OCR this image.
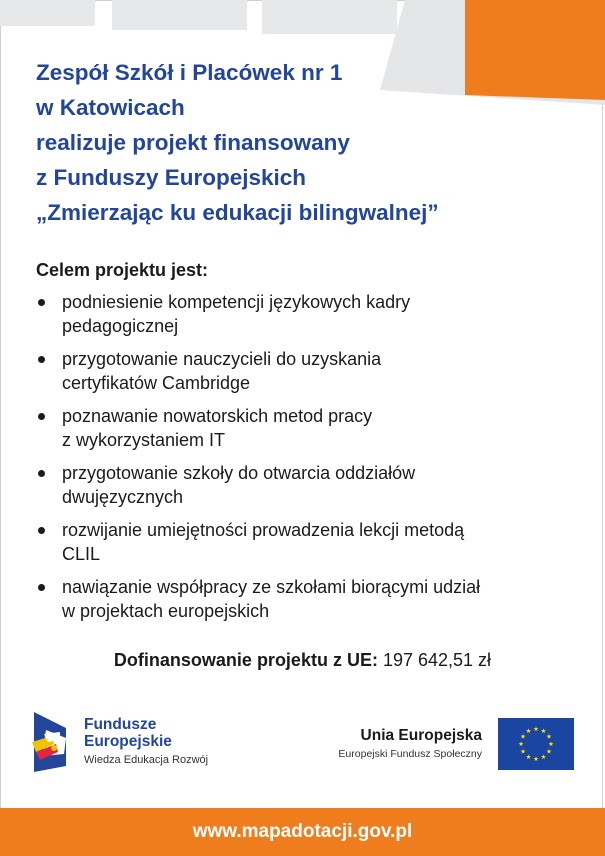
Zespół Szkół i Placówek nr 1
w Katowicach
realizuje projekt finansowany
z Funduszy Europejskich
„Zmierzając ku edukacji bilingwalnej”
Celem projektu jest:
podniesienie kompetencji językowych kadry
pedagogicznej
przygotowanie nauczycieli do uzyskania
certyfikatów Cambridge
poznawanie nowatorskich metod pracy
z wykorzystaniem IT
przygotowanie szkoły do otwarcia oddziałów
dwujęzycznych
rozwijanie umiejętności prowadzenia lekcji metodą
CLIL
nawiązanie współpracy ze szkołami biorącymi udział
w projektach europejskich

Dofinansowanie projektu z UE: 197 642,51 zł

Fundusze
Europejskie
Wiedza Edukacja Rozwój
Unia Europejska
Europejski Fundusz Społeczny
www.mapadotacji.gov.pl
